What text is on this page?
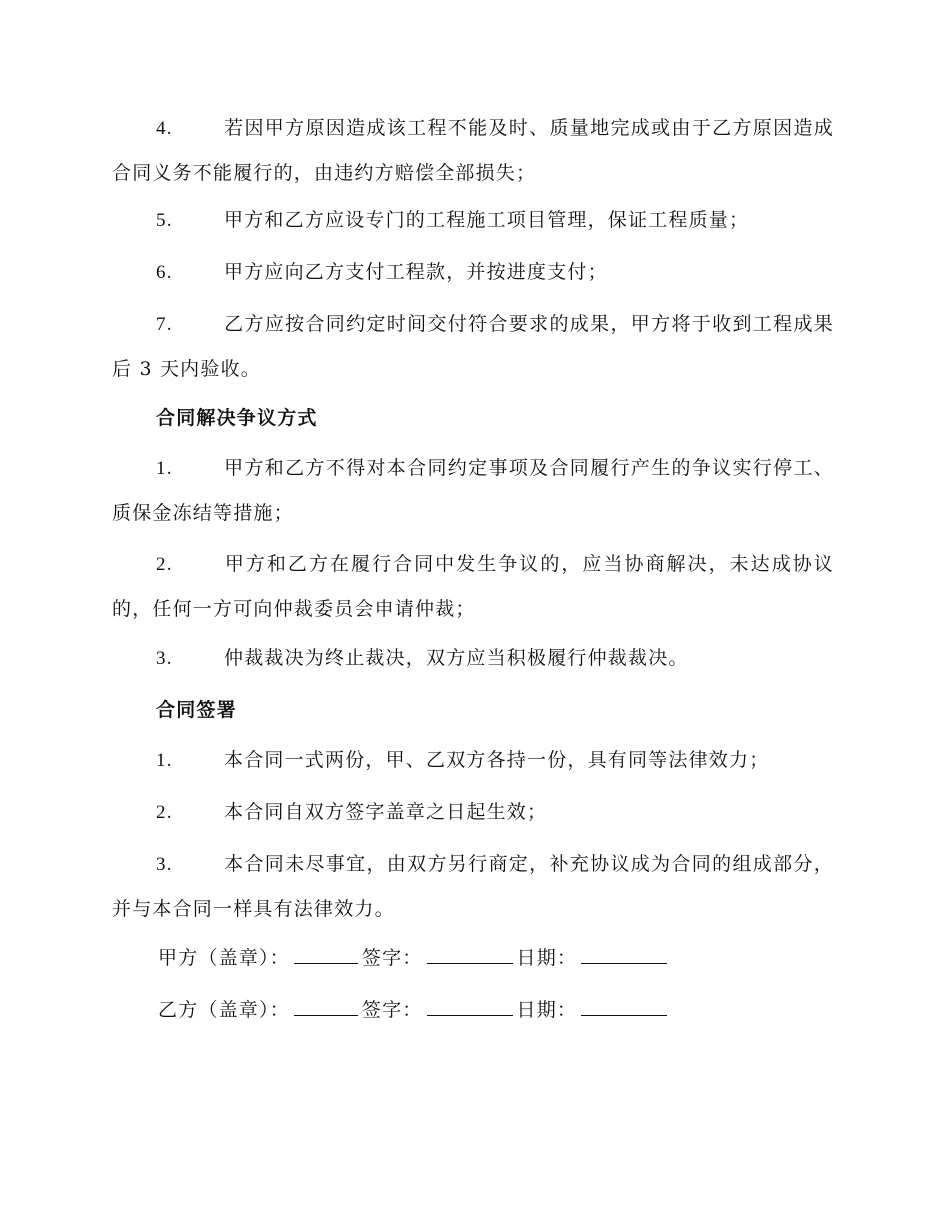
4.	若因甲方原因造成该工程不能及时、质量地完成或由于乙方原因造成合同义务不能履行的，由违约方赔偿全部损失；

5.	甲方和乙方应设专门的工程施工项目管理，保证工程质量；

6.	甲方应向乙方支付工程款，并按进度支付；

7.	乙方应按合同约定时间交付符合要求的成果，甲方将于收到工程成果后 3 天内验收。

合同解决争议方式

1.	甲方和乙方不得对本合同约定事项及合同履行产生的争议实行停工、质保金冻结等措施；

2.	甲方和乙方在履行合同中发生争议的，应当协商解决，未达成协议的，任何一方可向仲裁委员会申请仲裁；

3.	仲裁裁决为终止裁决，双方应当积极履行仲裁裁决。

合同签署

1.	本合同一式两份，甲、乙双方各持一份，具有同等法律效力；

2.	本合同自双方签字盖章之日起生效；

3.	本合同未尽事宜，由双方另行商定，补充协议成为合同的组成部分，并与本合同一样具有法律效力。

甲方（盖章）：	签字：	日期：

乙方（盖章）：	签字：	日期：
